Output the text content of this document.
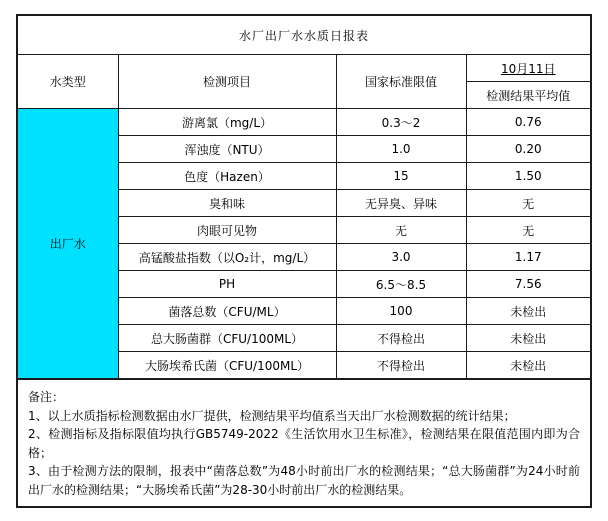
水厂出厂水水质日报表			
水类型	检测项目	国家标准限值	10月11日
			检测结果平均值
出厂水	游离氯（mg/L）	0.3～2	0.76
	浑浊度（NTU）	1.0	0.20
	色度（Hazen）	15	1.50
	臭和味	无异臭、异味	无
	肉眼可见物	无	无
	高锰酸盐指数（以O₂计，mg/L）	3.0	1.17
	PH	6.5～8.5	7.56
	菌落总数（CFU/ML）	100	未检出
	总大肠菌群（CFU/100ML）	不得检出	未检出
	大肠埃希氏菌（CFU/100ML）	不得检出	未检出
备注：
1、以上水质指标检测数据由水厂提供，检测结果平均值系当天出厂水检测数据的统计结果；
2、检测指标及指标限值均执行GB5749-2022《生活饮用水卫生标准》，检测结果在限值范围内即为合格；
3、由于检测方法的限制，报表中“菌落总数”为48小时前出厂水的检测结果；“总大肠菌群”为24小时前出厂水的检测结果；“大肠埃希氏菌”为28-30小时前出厂水的检测结果。
